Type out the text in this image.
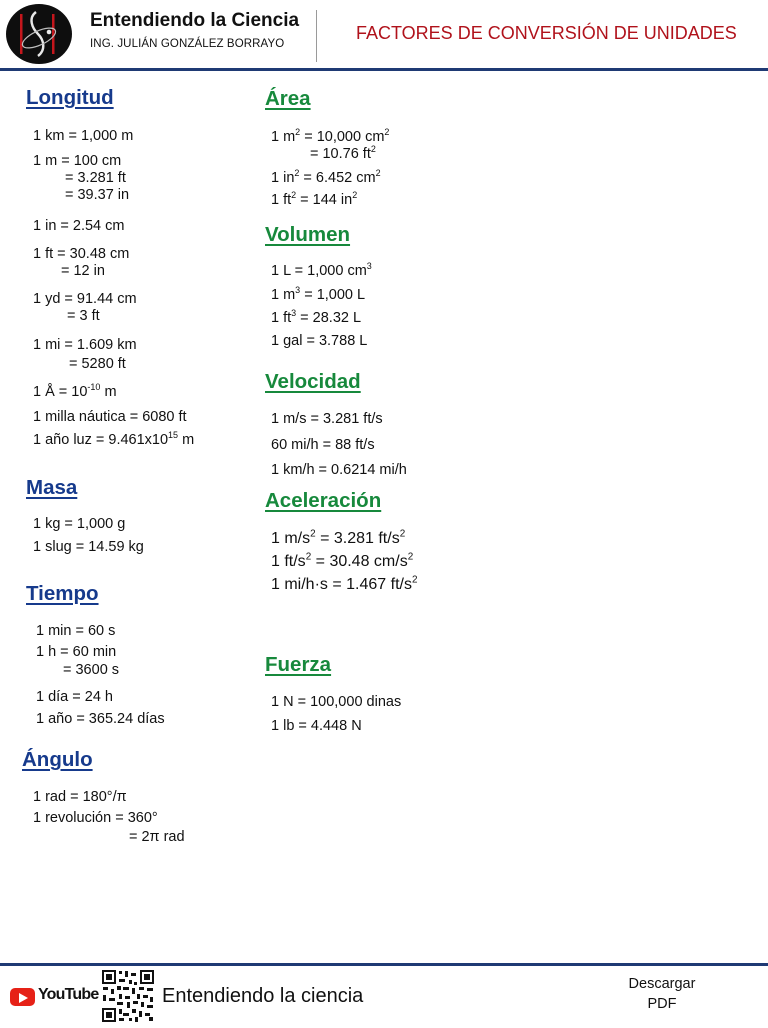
Entendiendo la Ciencia
ING. JULIÁN GONZÁLEZ BORRAYO
FACTORES DE CONVERSIÓN DE UNIDADES
Longitud
1 km = 1,000 m
1 m = 100 cm
= 3.281 ft
= 39.37 in
1 in = 2.54 cm
1 ft = 30.48 cm
= 12 in
1 yd = 91.44 cm
= 3 ft
1 mi = 1.609 km
= 5280 ft
1 Å = $10^{-10}$ m
1 milla náutica = 6080 ft
1 año luz = $9.461x10^{15}$ m
Masa
1 kg = 1,000 g
1 slug = 14.59 kg
Tiempo
1 min = 60 s
1 h = 60 min
= 3600 s
1 día = 24 h
1 año = 365.24 días
Ángulo
1 rad = 180°/π
1 revolución = 360°
= 2π rad
Área
1 $m^2 = 10,000$ $cm^2$
= 10.76 $ft^2$
1 $in^2 = 6.452$ $cm^2$
1 $ft^2 = 144$ $in^2$
Volumen
1 L = 1,000 $cm^3$
1 $m^3 = 1,000$ L
1 $ft^3 = 28.32$ L
1 gal = 3.788 L
Velocidad
1 m/s = 3.281 ft/s
60 mi/h = 88 ft/s
1 km/h = 0.6214 mi/h
Aceleración
1 $m/s^2 = 3.281$ $ft/s^2$
1 $ft/s^2 = 30.48$ $cm/s^2$
1 mi/h·s = 1.467 $ft/s^2$
Fuerza
1 N = 100,000 dinas
1 lb = 4.448 N
YouTube	Entendiendo la ciencia
Descargar
PDF
